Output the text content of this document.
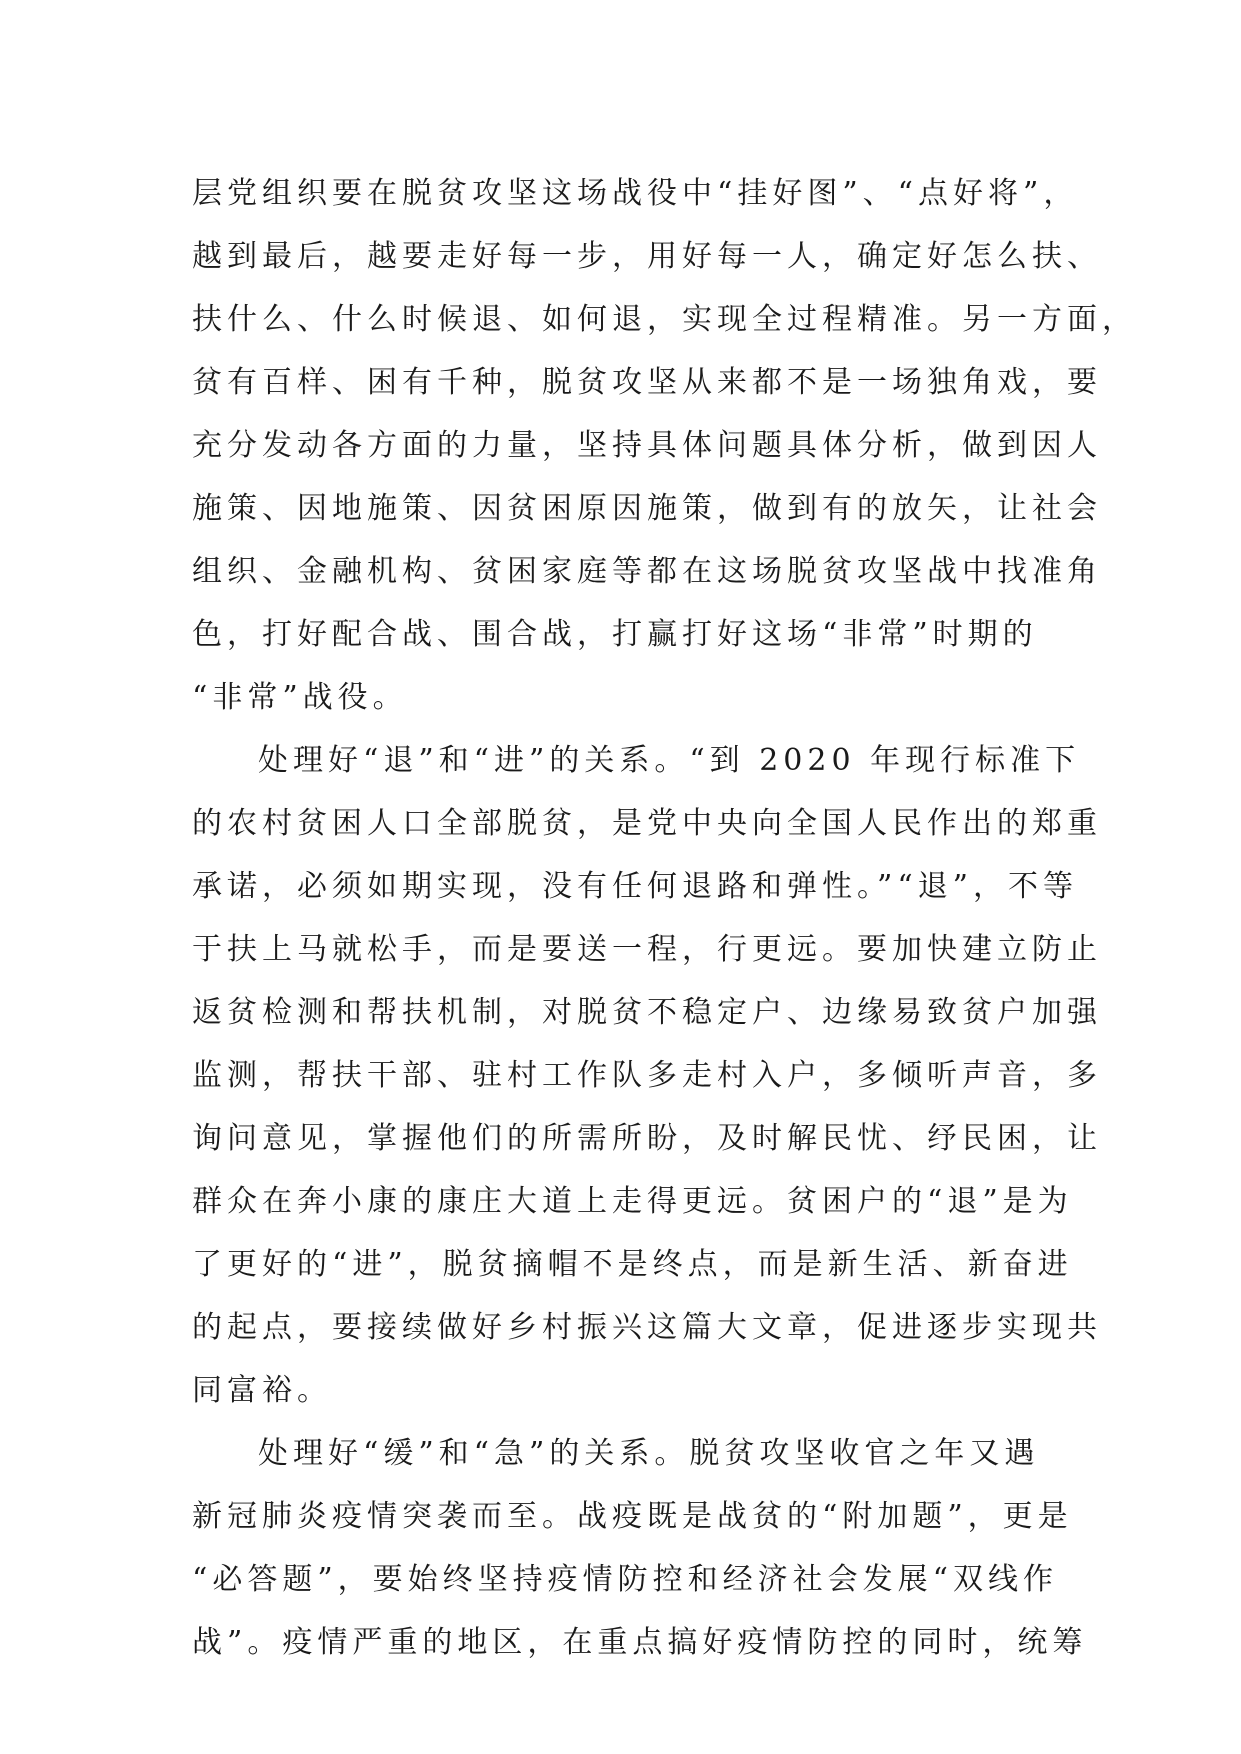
层党组织要在脱贫攻坚这场战役中“挂好图”、“点好将”，
越到最后，越要走好每一步，用好每一人，确定好怎么扶、
扶什么、什么时候退、如何退，实现全过程精准。另一方面，
贫有百样、困有千种，脱贫攻坚从来都不是一场独角戏，要
充分发动各方面的力量，坚持具体问题具体分析，做到因人
施策、因地施策、因贫困原因施策，做到有的放矢，让社会
组织、金融机构、贫困家庭等都在这场脱贫攻坚战中找准角
色，打好配合战、围合战，打赢打好这场“非常”时期的
“非常”战役。
处理好“退”和“进”的关系。“到 2020 年现行标准下
的农村贫困人口全部脱贫，是党中央向全国人民作出的郑重
承诺，必须如期实现，没有任何退路和弹性。”“退”，不等
于扶上马就松手，而是要送一程，行更远。要加快建立防止
返贫检测和帮扶机制，对脱贫不稳定户、边缘易致贫户加强
监测，帮扶干部、驻村工作队多走村入户，多倾听声音，多
询问意见，掌握他们的所需所盼，及时解民忧、纾民困，让
群众在奔小康的康庄大道上走得更远。贫困户的“退”是为
了更好的“进”，脱贫摘帽不是终点，而是新生活、新奋进
的起点，要接续做好乡村振兴这篇大文章，促进逐步实现共
同富裕。
处理好“缓”和“急”的关系。脱贫攻坚收官之年又遇
新冠肺炎疫情突袭而至。战疫既是战贫的“附加题”，更是
“必答题”，要始终坚持疫情防控和经济社会发展“双线作
战”。疫情严重的地区，在重点搞好疫情防控的同时，统筹
